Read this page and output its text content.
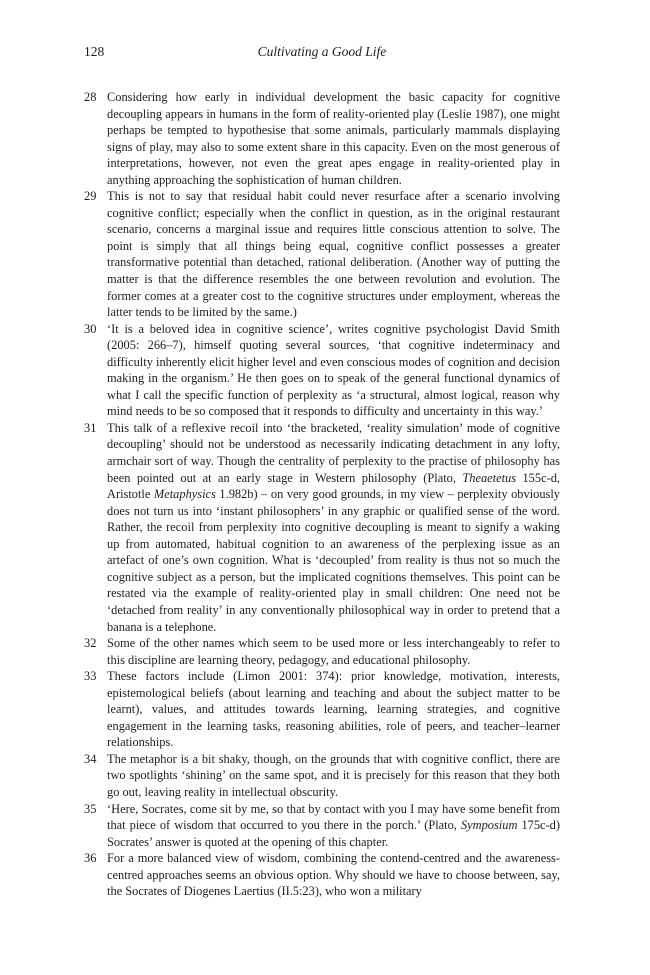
128	Cultivating a Good Life
28 Considering how early in individual development the basic capacity for cognitive decoupling appears in humans in the form of reality-oriented play (Leslie 1987), one might perhaps be tempted to hypothesise that some animals, particularly mammals displaying signs of play, may also to some extent share in this capacity. Even on the most generous of interpretations, however, not even the great apes engage in reality-oriented play in anything approaching the sophistication of human children.
29 This is not to say that residual habit could never resurface after a scenario involving cognitive conflict; especially when the conflict in question, as in the original restaurant scenario, concerns a marginal issue and requires little conscious attention to solve. The point is simply that all things being equal, cognitive conflict possesses a greater transformative potential than detached, rational deliberation. (Another way of putting the matter is that the difference resembles the one between revolution and evolution. The former comes at a greater cost to the cognitive structures under employment, whereas the latter tends to be limited by the same.)
30 ‘It is a beloved idea in cognitive science’, writes cognitive psychologist David Smith (2005: 266–7), himself quoting several sources, ‘that cognitive indeterminacy and difficulty inherently elicit higher level and even conscious modes of cognition and decision making in the organism.’ He then goes on to speak of the general functional dynamics of what I call the specific function of perplexity as ‘a structural, almost logical, reason why mind needs to be so composed that it responds to difficulty and uncertainty in this way.’
31 This talk of a reflexive recoil into ‘the bracketed, ‘reality simulation’ mode of cognitive decoupling’ should not be understood as necessarily indicating detachment in any lofty, armchair sort of way. Though the centrality of perplexity to the practise of philosophy has been pointed out at an early stage in Western philosophy (Plato, Theaetetus 155c-d, Aristotle Metaphysics 1.982b) – on very good grounds, in my view – perplexity obviously does not turn us into ‘instant philosophers’ in any graphic or qualified sense of the word. Rather, the recoil from perplexity into cognitive decoupling is meant to signify a waking up from automated, habitual cognition to an awareness of the perplexing issue as an artefact of one’s own cognition. What is ‘decoupled’ from reality is thus not so much the cognitive subject as a person, but the implicated cognitions themselves. This point can be restated via the example of reality-oriented play in small children: One need not be ‘detached from reality’ in any conventionally philosophical way in order to pretend that a banana is a telephone.
32 Some of the other names which seem to be used more or less interchangeably to refer to this discipline are learning theory, pedagogy, and educational philosophy.
33 These factors include (Limon 2001: 374): prior knowledge, motivation, interests, epistemological beliefs (about learning and teaching and about the subject matter to be learnt), values, and attitudes towards learning, learning strategies, and cognitive engagement in the learning tasks, reasoning abilities, role of peers, and teacher–learner relationships.
34 The metaphor is a bit shaky, though, on the grounds that with cognitive conflict, there are two spotlights ‘shining’ on the same spot, and it is precisely for this reason that they both go out, leaving reality in intellectual obscurity.
35 ‘Here, Socrates, come sit by me, so that by contact with you I may have some benefit from that piece of wisdom that occurred to you there in the porch.’ (Plato, Symposium 175c-d) Socrates’ answer is quoted at the opening of this chapter.
36 For a more balanced view of wisdom, combining the contend-centred and the awareness-centred approaches seems an obvious option. Why should we have to choose between, say, the Socrates of Diogenes Laertius (II.5:23), who won a military
